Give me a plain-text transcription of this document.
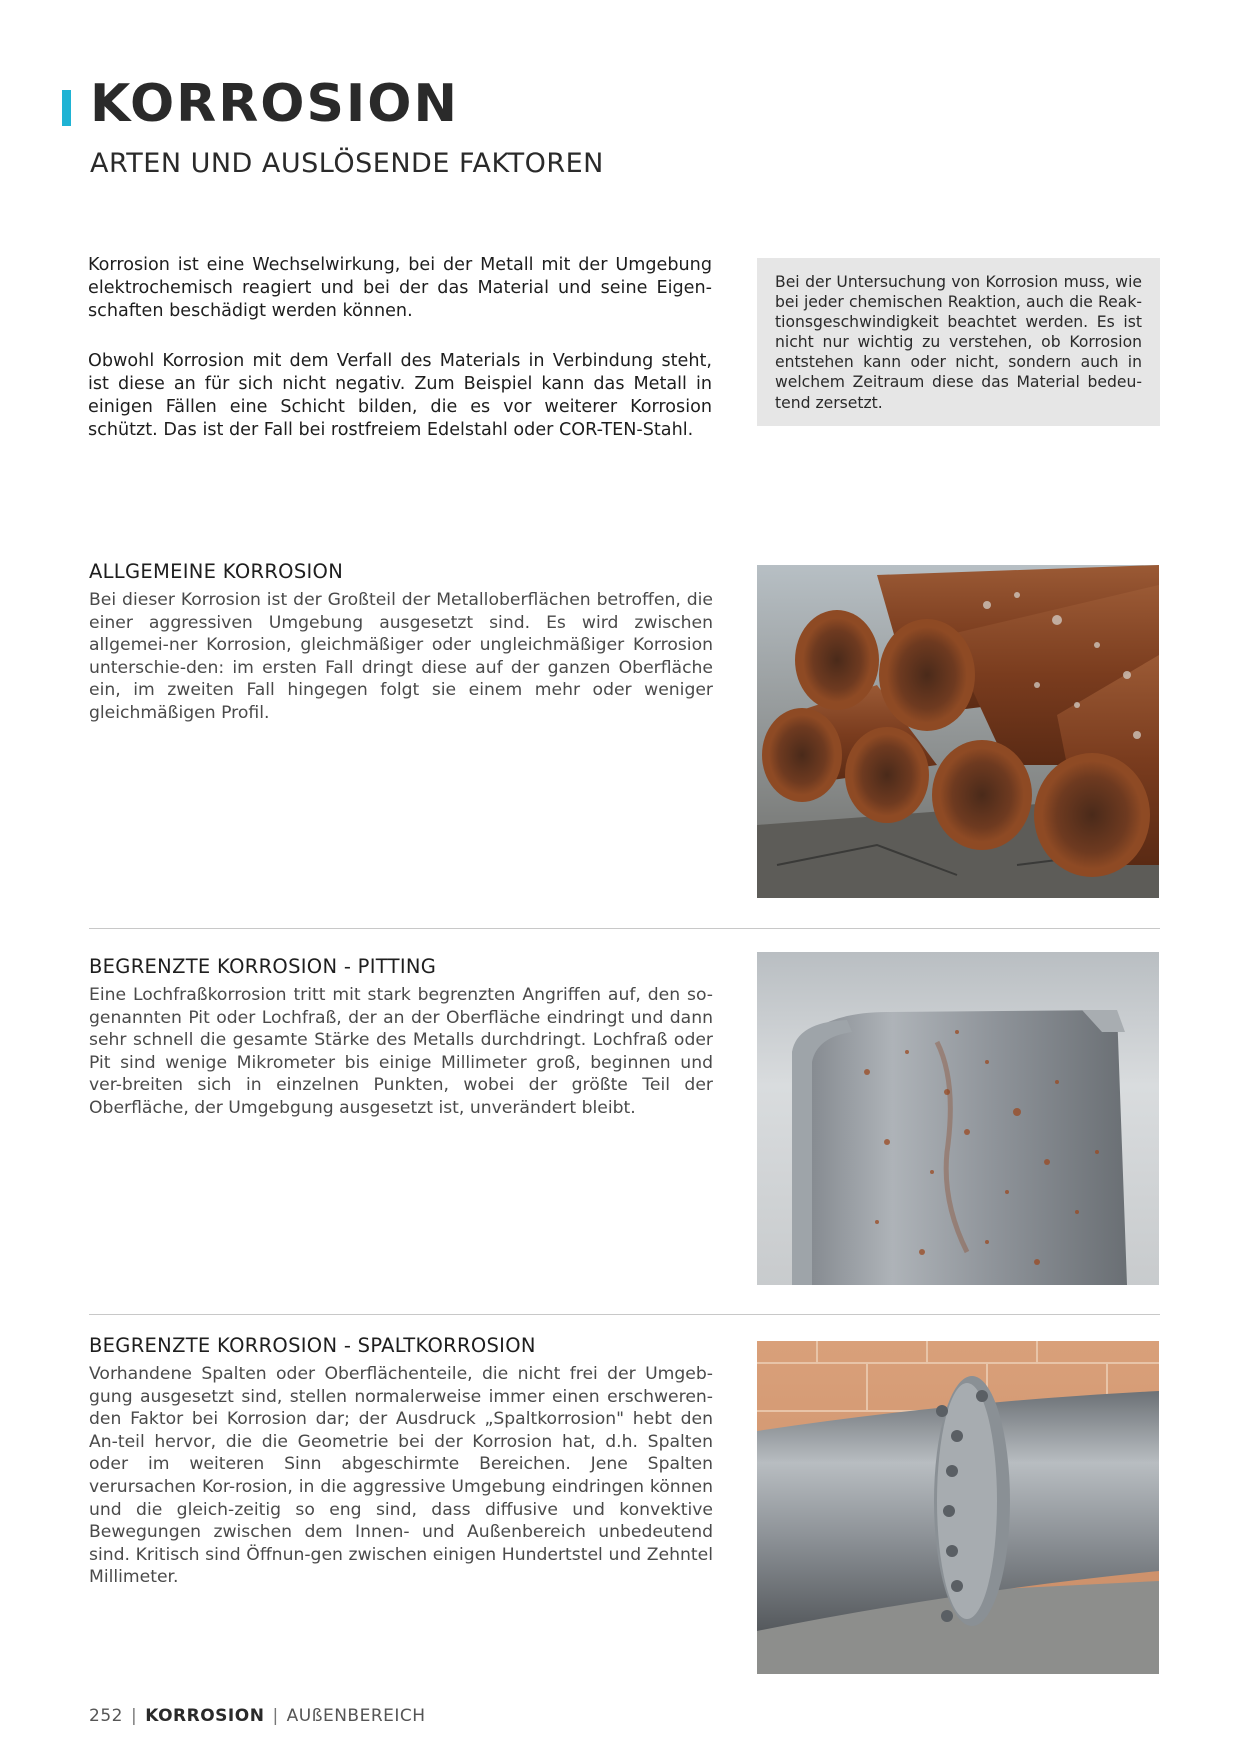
KORROSION
ARTEN UND AUSLÖSENDE FAKTOREN

Korrosion ist eine Wechselwirkung, bei der Metall mit der Umgebung elektrochemisch reagiert und bei der das Material und seine Eigen-schaften beschädigt werden können.

Obwohl Korrosion mit dem Verfall des Materials in Verbindung steht, ist diese an für sich nicht negativ. Zum Beispiel kann das Metall in einigen Fällen eine Schicht bilden, die es vor weiterer Korrosion schützt. Das ist der Fall bei rostfreiem Edelstahl oder COR-TEN-Stahl.

Bei der Untersuchung von Korrosion muss, wie bei jeder chemischen Reaktion, auch die Reak-tionsgeschwindigkeit beachtet werden. Es ist nicht nur wichtig zu verstehen, ob Korrosion entstehen kann oder nicht, sondern auch in welchem Zeitraum diese das Material bedeu-tend zersetzt.

ALLGEMEINE KORROSION

Bei dieser Korrosion ist der Großteil der Metalloberflächen betroffen, die einer aggressiven Umgebung ausgesetzt sind. Es wird zwischen allgemei-ner Korrosion, gleichmäßiger oder ungleichmäßiger Korrosion unterschie-den: im ersten Fall dringt diese auf der ganzen Oberfläche ein, im zweiten Fall hingegen folgt sie einem mehr oder weniger gleichmäßigen Profil.

BEGRENZTE KORROSION - PITTING

Eine Lochfraßkorrosion tritt mit stark begrenzten Angriffen auf, den so-genannten Pit oder Lochfraß, der an der Oberfläche eindringt und dann sehr schnell die gesamte Stärke des Metalls durchdringt. Lochfraß oder Pit sind wenige Mikrometer bis einige Millimeter groß, beginnen und ver-breiten sich in einzelnen Punkten, wobei der größte Teil der Oberfläche, der Umgebgung ausgesetzt ist, unverändert bleibt.

BEGRENZTE KORROSION - SPALTKORROSION

Vorhandene Spalten oder Oberflächenteile, die nicht frei der Umgeb-gung ausgesetzt sind, stellen normalerweise immer einen erschweren-den Faktor bei Korrosion dar; der Ausdruck „Spaltkorrosion" hebt den An-teil hervor, die die Geometrie bei der Korrosion hat, d.h. Spalten oder im weiteren Sinn abgeschirmte Bereichen. Jene Spalten verursachen Kor-rosion, in die aggressive Umgebung eindringen können und die gleich-zeitig so eng sind, dass diffusive und konvektive Bewegungen zwischen dem Innen- und Außenbereich unbedeutend sind. Kritisch sind Öffnun-gen zwischen einigen Hundertstel und Zehntel Millimeter.

252 | KORROSION | AUßENBEREICH
